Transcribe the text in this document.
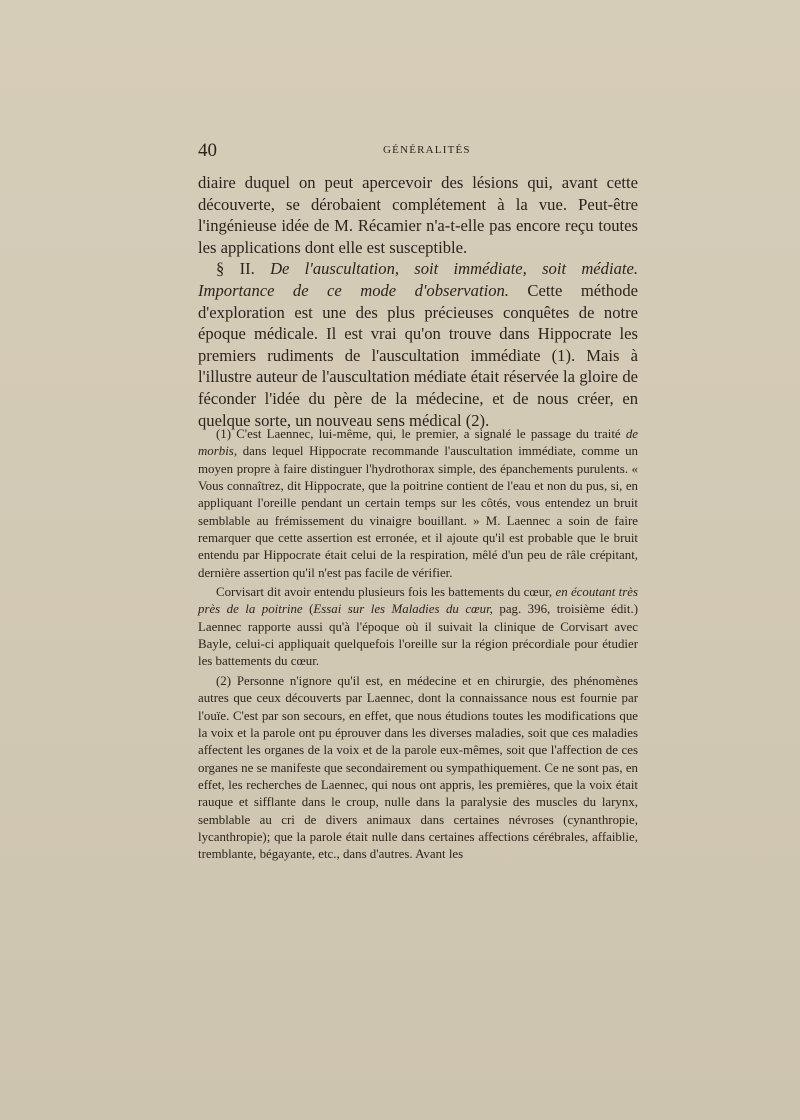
40	GÉNÉRALITÉS

diaire duquel on peut apercevoir des lésions qui, avant cette découverte, se dérobaient complétement à la vue. Peut-être l'ingénieuse idée de M. Récamier n'a-t-elle pas encore reçu toutes les applications dont elle est susceptible.

§ II. De l'auscultation, soit immédiate, soit médiate. Importance de ce mode d'observation. Cette méthode d'exploration est une des plus précieuses conquêtes de notre époque médicale. Il est vrai qu'on trouve dans Hippocrate les premiers rudiments de l'auscultation immédiate (1). Mais à l'illustre auteur de l'auscultation médiate était réservée la gloire de féconder l'idée du père de la médecine, et de nous créer, en quelque sorte, un nouveau sens médical (2).

(1) C'est Laennec, lui-même, qui, le premier, a signalé le passage du traité de morbis, dans lequel Hippocrate recommande l'auscultation immédiate, comme un moyen propre à faire distinguer l'hydrothorax simple, des épanchements purulents. « Vous connaîtrez, dit Hippocrate, que la poitrine contient de l'eau et non du pus, si, en appliquant l'oreille pendant un certain temps sur les côtés, vous entendez un bruit semblable au frémissement du vinaigre bouillant. » M. Laennec a soin de faire remarquer que cette assertion est erronée, et il ajoute qu'il est probable que le bruit entendu par Hippocrate était celui de la respiration, mêlé d'un peu de râle crépitant, dernière assertion qu'il n'est pas facile de vérifier.

Corvisart dit avoir entendu plusieurs fois les battements du cœur, en écoutant très près de la poitrine (Essai sur les Maladies du cœur, pag. 396, troisième édit.) Laennec rapporte aussi qu'à l'époque où il suivait la clinique de Corvisart avec Bayle, celui-ci appliquait quelquefois l'oreille sur la région précordiale pour étudier les battements du cœur.

(2) Personne n'ignore qu'il est, en médecine et en chirurgie, des phénomènes autres que ceux découverts par Laennec, dont la connaissance nous est fournie par l'ouïe. C'est par son secours, en effet, que nous étudions toutes les modifications que la voix et la parole ont pu éprouver dans les diverses maladies, soit que ces maladies affectent les organes de la voix et de la parole eux-mêmes, soit que l'affection de ces organes ne se manifeste que secondairement ou sympathiquement. Ce ne sont pas, en effet, les recherches de Laennec, qui nous ont appris, les premières, que la voix était rauque et sifflante dans le croup, nulle dans la paralysie des muscles du larynx, semblable au cri de divers animaux dans certaines névroses (cynanthropie, lycanthropie); que la parole était nulle dans certaines affections cérébrales, affaiblie, tremblante, bégayante, etc., dans d'autres. Avant les
